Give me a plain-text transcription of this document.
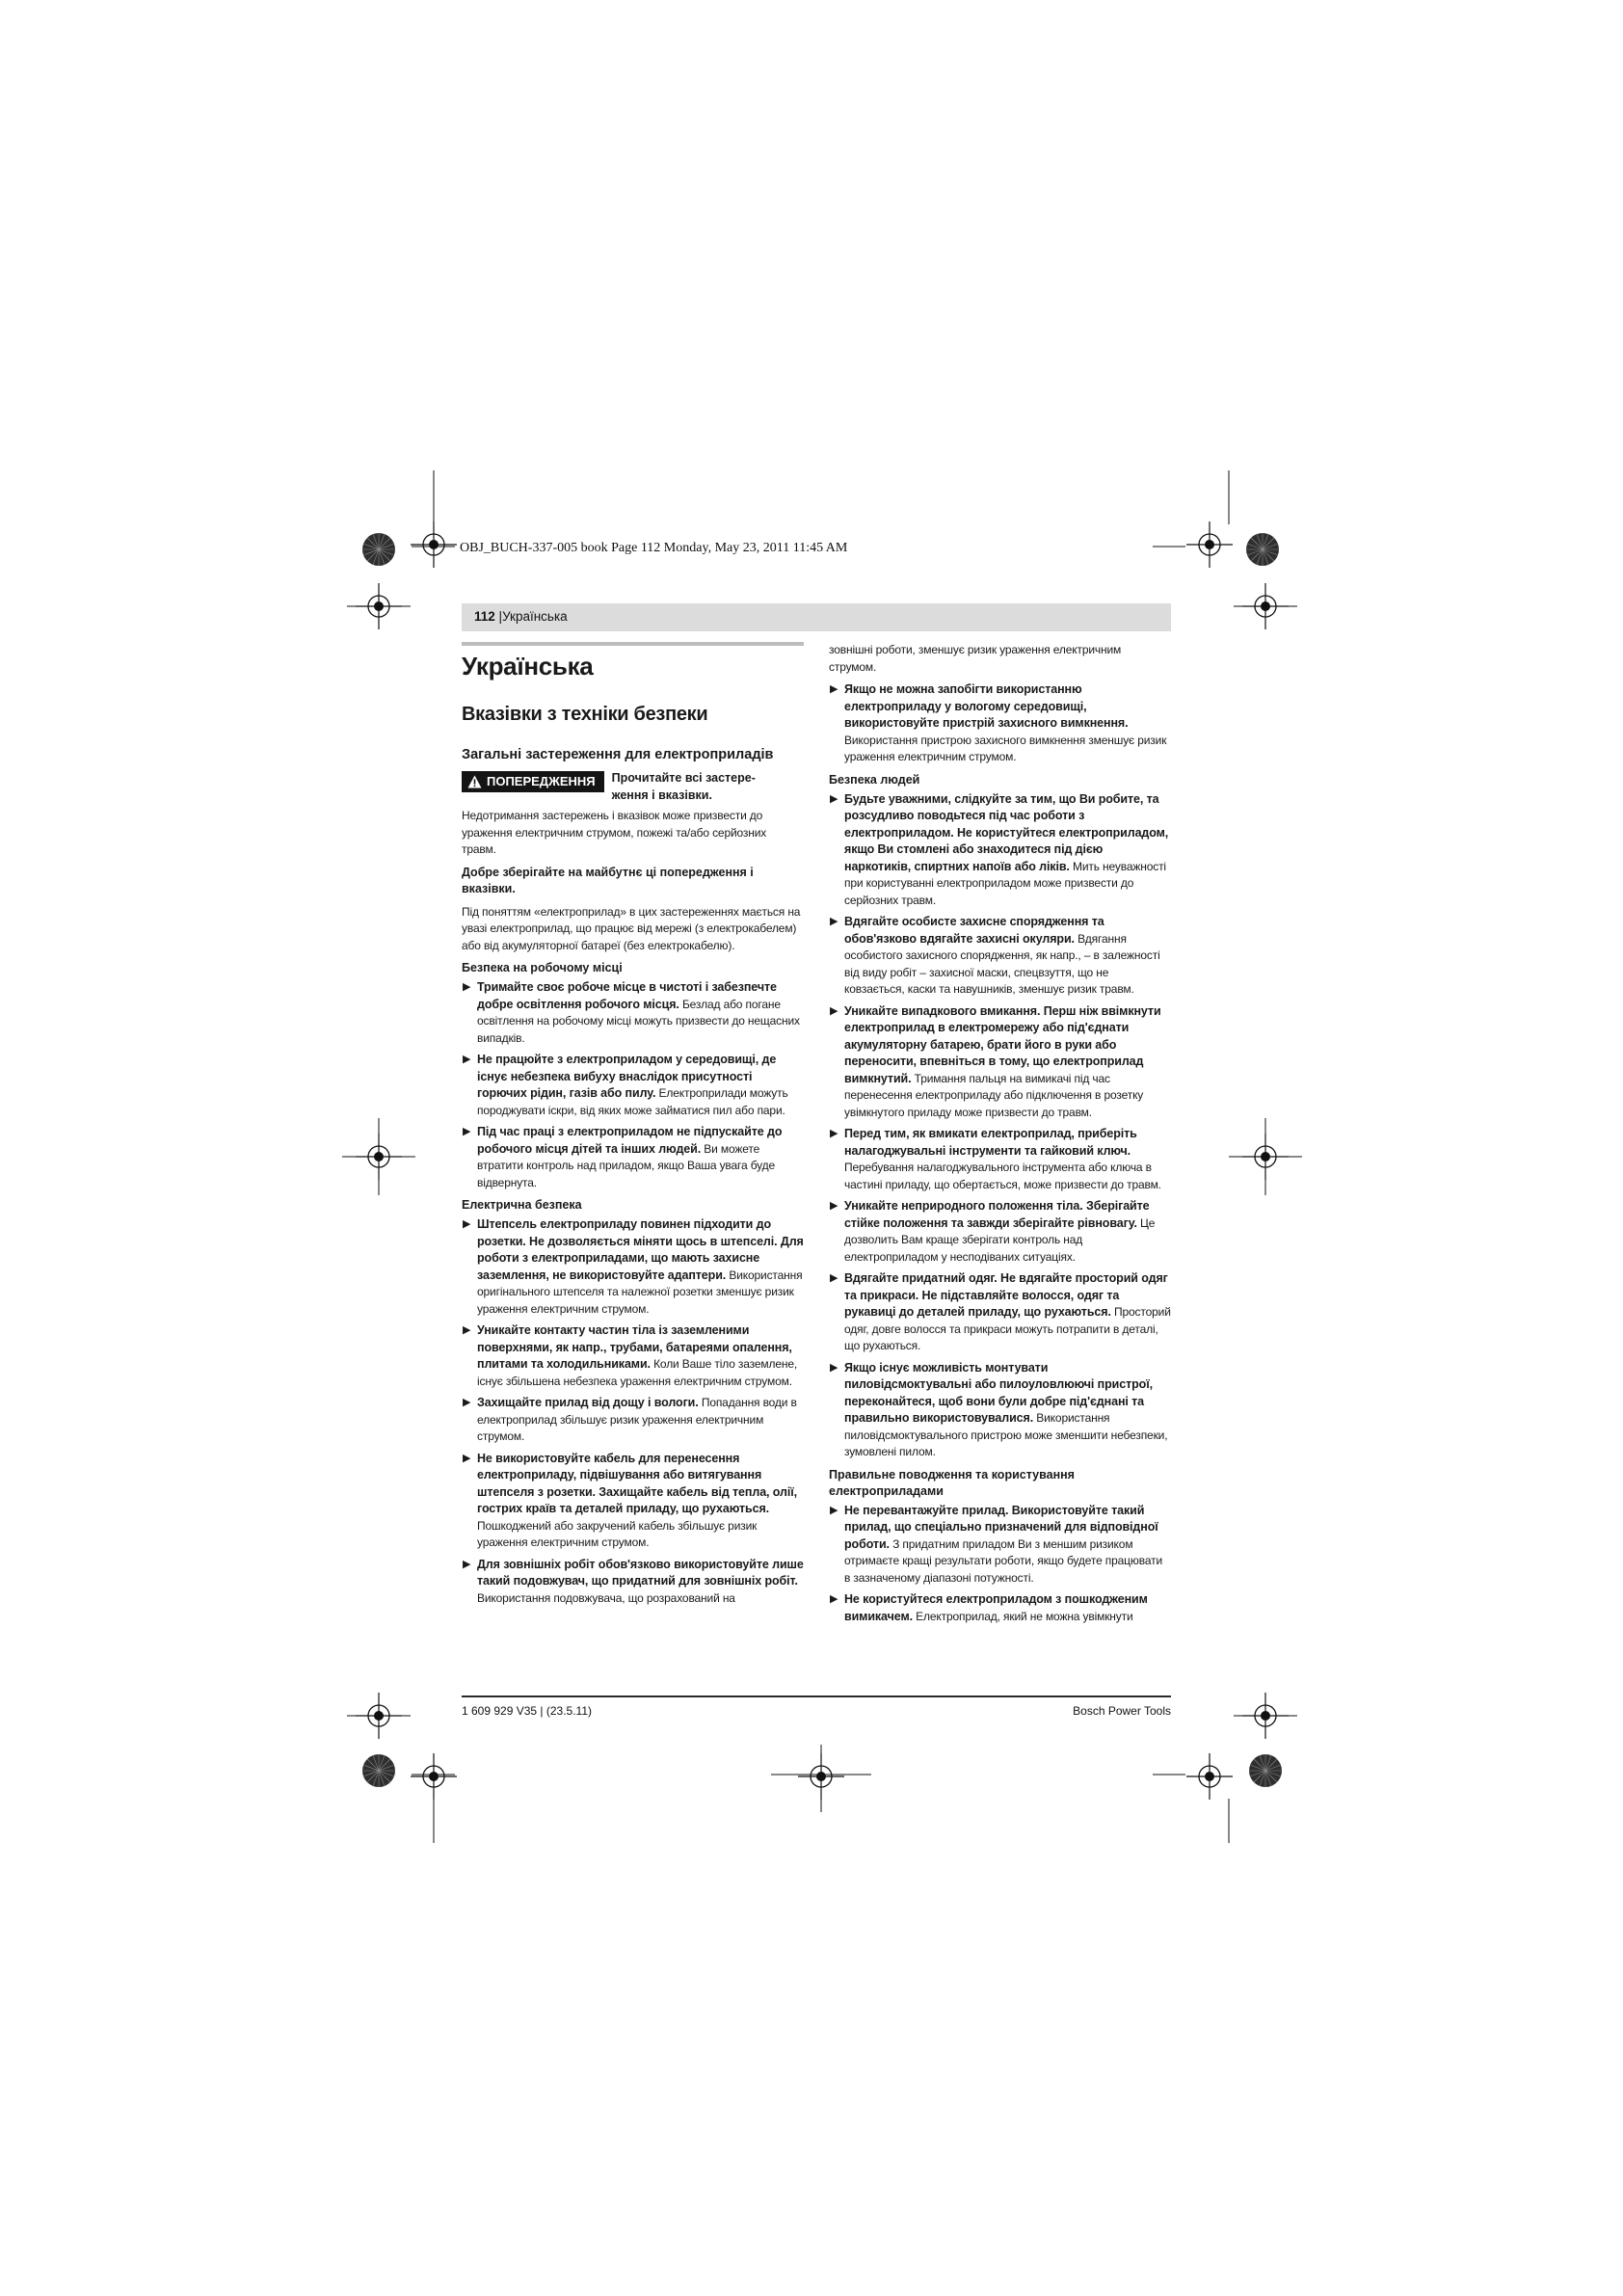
OBJ_BUCH-337-005 book Page 112 Monday, May 23, 2011 11:45 AM
112 |Українська
Українська
Вказівки з техніки безпеки
Загальні застереження для електроприладів
ПОПЕРЕДЖЕННЯ Прочитайте всі застере-
ження і вказівки.

Недотримання застережень і вказівок може призвести до ураження електричним струмом, пожежі та/або серйозних травм.

Добре зберігайте на майбутнє ці попередження і вказівки.

Під поняттям «електроприлад» в цих застереженнях мається на увазі електроприлад, що працює від мережі (з електрокабелем) або від акумуляторної батареї (без електрокабелю).

Безпека на робочому місці
▶ Тримайте своє робоче місце в чистоті і забезпечте добре освітлення робочого місця. Безлад або погане освітлення на робочому місці можуть призвести до нещасних випадків.
▶ Не працюйте з електроприладом у середовищі, де існує небезпека вибуху внаслідок присутності горючих рідин, газів або пилу. Електроприлади можуть породжувати іскри, від яких може займатися пил або пари.
▶ Під час праці з електроприладом не підпускайте до робочого місця дітей та інших людей. Ви можете втратити контроль над приладом, якщо Ваша увага буде відвернута.
Електрична безпека
▶ Штепсель електроприладу повинен підходити до розетки. Не дозволяється міняти щось в штепселі. Для роботи з електроприладами, що мають захисне заземлення, не використовуйте адаптери. Використання оригінального штепселя та належної розетки зменшує ризик ураження електричним струмом.
▶ Уникайте контакту частин тіла із заземленими поверхнями, як напр., трубами, батареями опалення, плитами та холодильниками. Коли Ваше тіло заземлене, існує збільшена небезпека ураження електричним струмом.
▶ Захищайте прилад від дощу і вологи. Попадання води в електроприлад збільшує ризик ураження електричним струмом.
▶ Не використовуйте кабель для перенесення електроприладу, підвішування або витягування штепселя з розетки. Захищайте кабель від тепла, олії, гострих країв та деталей приладу, що рухаються. Пошкоджений або закручений кабель збільшує ризик ураження електричним струмом.
▶ Для зовнішніх робіт обов'язково використовуйте лише такий подовжувач, що придатний для зовнішніх робіт. Використання подовжувача, що розрахований на

зовнішні роботи, зменшує ризик ураження електричним струмом.

▶ Якщо не можна запобігти використанню електроприладу у вологому середовищі, використовуйте пристрій захисного вимкнення. Використання пристрою захисного вимкнення зменшує ризик ураження електричним струмом.
Безпека людей
▶ Будьте уважними, слідкуйте за тим, що Ви робите, та розсудливо поводьтеся під час роботи з електроприладом. Не користуйтеся електроприладом, якщо Ви стомлені або знаходитеся під дією наркотиків, спиртних напоїв або ліків. Мить неуважності при користуванні електроприладом може призвести до серйозних травм.
▶ Вдягайте особисте захисне спорядження та обов'язково вдягайте захисні окуляри. Вдягання особистого захисного спорядження, як напр., – в залежності від виду робіт – захисної маски, спецвзуття, що не ковзається, каски та навушників, зменшує ризик травм.
▶ Уникайте випадкового вмикання. Перш ніж ввімкнути електроприлад в електромережу або під'єднати акумуляторну батарею, брати його в руки або переносити, впевніться в тому, що електроприлад вимкнутий. Тримання пальця на вимикачі під час перенесення електроприладу або підключення в розетку увімкнутого приладу може призвести до травм.
▶ Перед тим, як вмикати електроприлад, приберіть налагоджувальні інструменти та гайковий ключ. Перебування налагоджувального інструмента або ключа в частині приладу, що обертається, може призвести до травм.
▶ Уникайте неприродного положення тіла. Зберігайте стійке положення та завжди зберігайте рівновагу. Це дозволить Вам краще зберігати контроль над електроприладом у несподіваних ситуаціях.
▶ Вдягайте придатний одяг. Не вдягайте просторий одяг та прикраси. Не підставляйте волосся, одяг та рукавиці до деталей приладу, що рухаються. Просторий одяг, довге волосся та прикраси можуть потрапити в деталі, що рухаються.
▶ Якщо існує можливість монтувати пиловідсмоктувальні або пилоуловлюючі пристрої, переконайтеся, щоб вони були добре під'єднані та правильно використовувалися. Використання пиловідсмоктувального пристрою може зменшити небезпеки, зумовлені пилом.
Правильне поводження та користування електроприладами
▶ Не перевантажуйте прилад. Використовуйте такий прилад, що спеціально призначений для відповідної роботи. З придатним приладом Ви з меншим ризиком отримаєте кращі результати роботи, якщо будете працювати в зазначеному діапазоні потужності.
▶ Не користуйтеся електроприладом з пошкодженим вимикачем. Електроприлад, який не можна увімкнути
1 609 929 V35 | (23.5.11)	Bosch Power Tools
